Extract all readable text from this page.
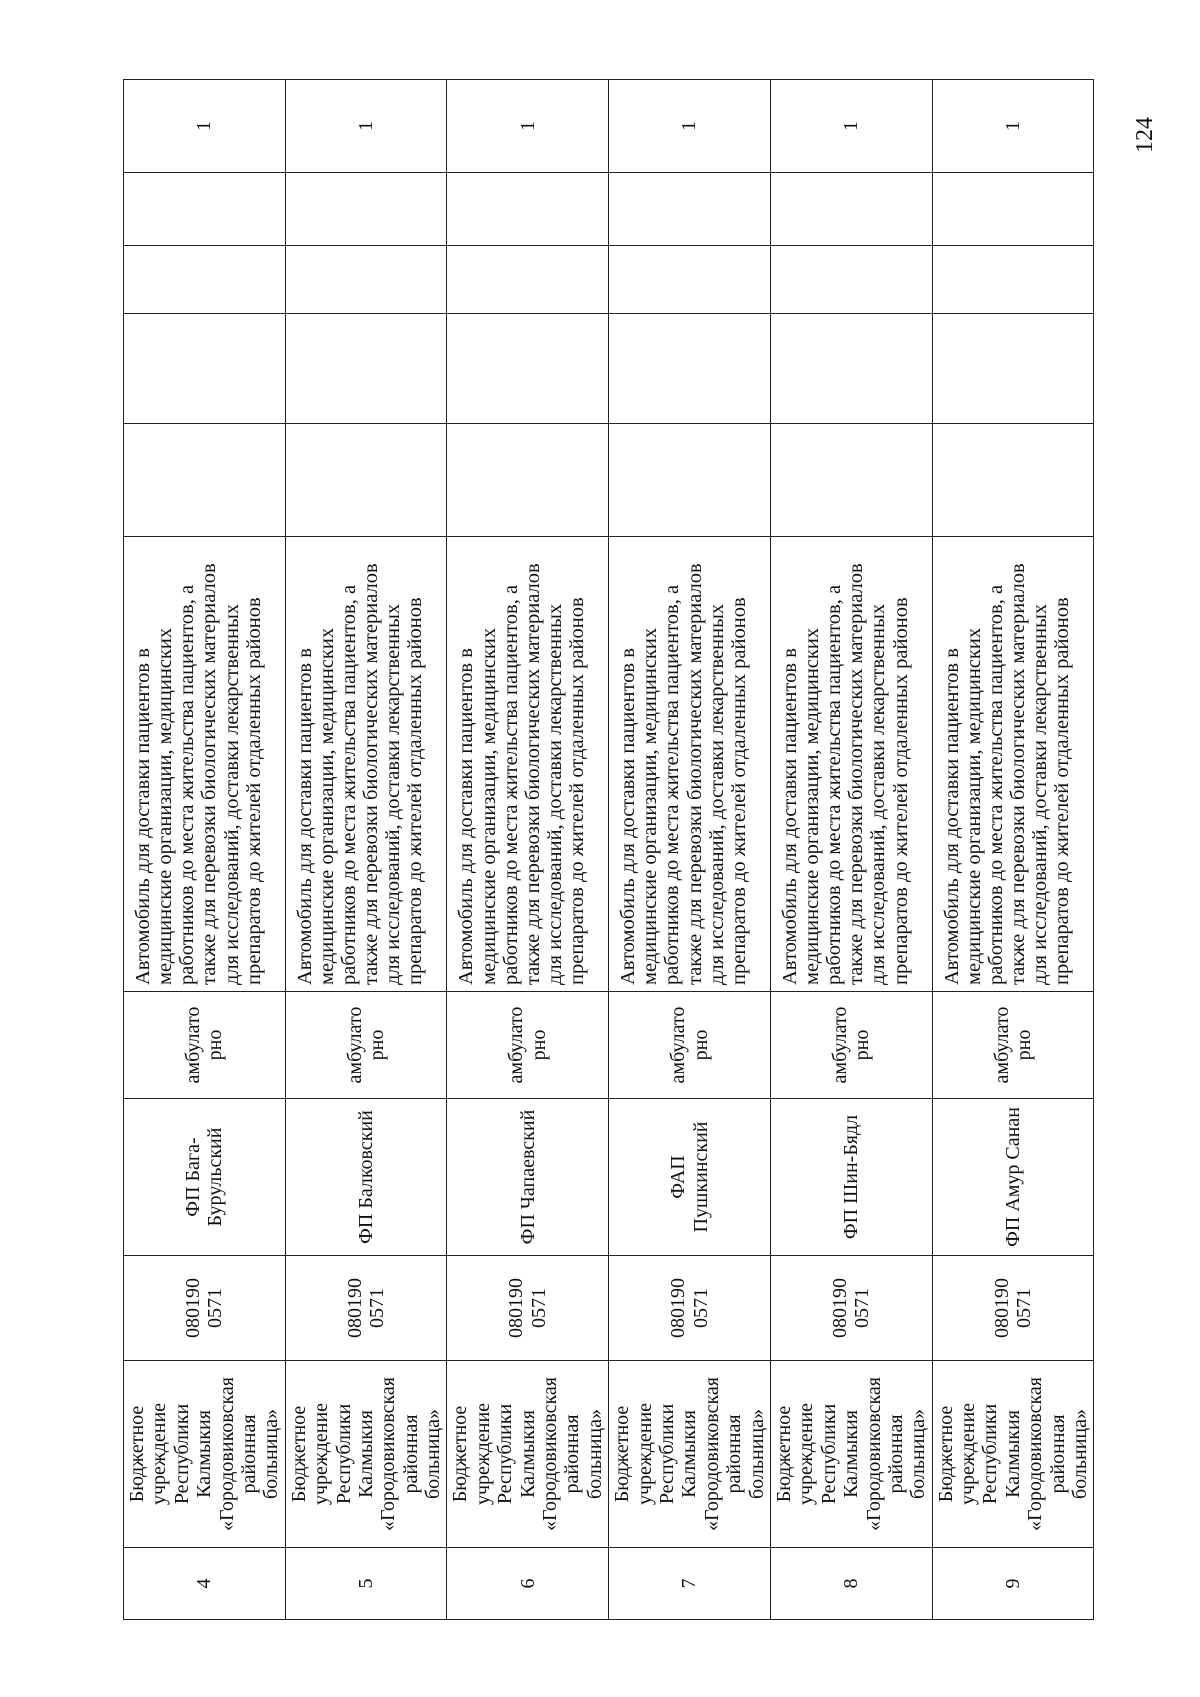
124
4	Бюджетное учреждение Республики Калмыкия «Городовиковская районная больница»	080190 0571	ФП Бага-Бурульский	амбулато рно	Автомобиль для доставки пациентов в медицинские организации, медицинских работников до места жительства пациентов, а также для перевозки биологических материалов для исследований, доставки лекарственных препаратов до жителей отдаленных районов					1
5	Бюджетное учреждение Республики Калмыкия «Городовиковская районная больница»	080190 0571	ФП Балковский	амбулато рно	Автомобиль для доставки пациентов в медицинские организации, медицинских работников до места жительства пациентов, а также для перевозки биологических материалов для исследований, доставки лекарственных препаратов до жителей отдаленных районов					1
6	Бюджетное учреждение Республики Калмыкия «Городовиковская районная больница»	080190 0571	ФП Чапаевский	амбулато рно	Автомобиль для доставки пациентов в медицинские организации, медицинских работников до места жительства пациентов, а также для перевозки биологических материалов для исследований, доставки лекарственных препаратов до жителей отдаленных районов					1
7	Бюджетное учреждение Республики Калмыкия «Городовиковская районная больница»	080190 0571	ФАП Пушкинский	амбулато рно	Автомобиль для доставки пациентов в медицинские организации, медицинских работников до места жительства пациентов, а также для перевозки биологических материалов для исследований, доставки лекарственных препаратов до жителей отдаленных районов					1
8	Бюджетное учреждение Республики Калмыкия «Городовиковская районная больница»	080190 0571	ФП Шин-Бядл	амбулато рно	Автомобиль для доставки пациентов в медицинские организации, медицинских работников до места жительства пациентов, а также для перевозки биологических материалов для исследований, доставки лекарственных препаратов до жителей отдаленных районов					1
9	Бюджетное учреждение Республики Калмыкия «Городовиковская районная больница»	080190 0571	ФП Амур Санан	амбулато рно	Автомобиль для доставки пациентов в медицинские организации, медицинских работников до места жительства пациентов, а также для перевозки биологических материалов для исследований, доставки лекарственных препаратов до жителей отдаленных районов					1
